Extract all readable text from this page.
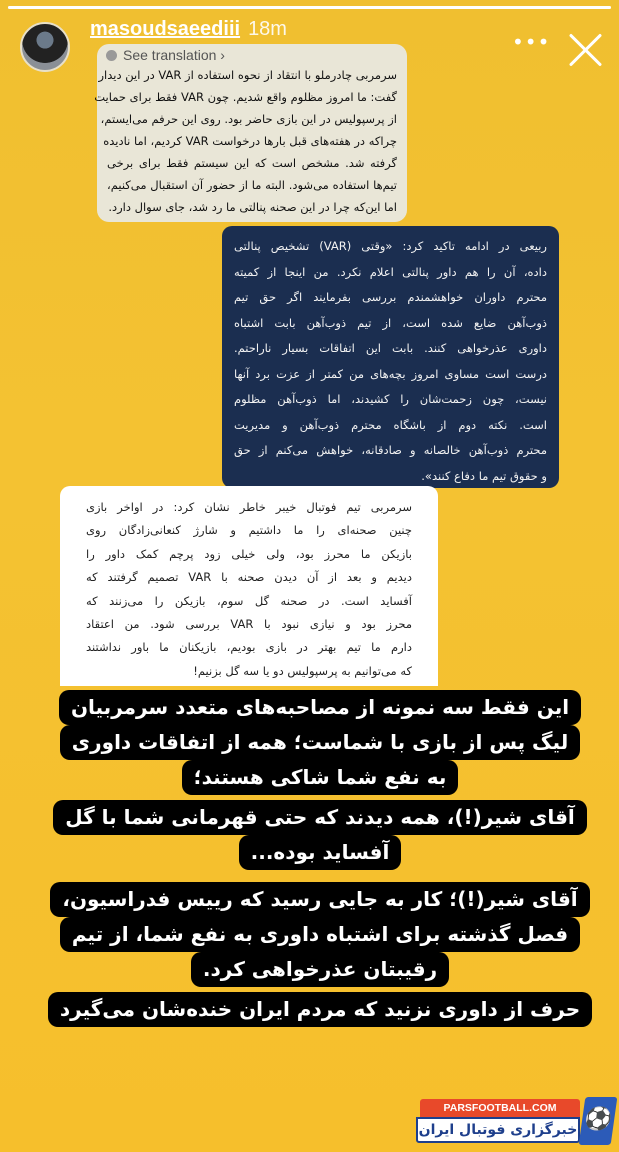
masoudsaeediii 18m
•••
سرمربی چادرملو با انتقاد از نحوه استفاده از VAR در این دیدار
گفت: ما امروز مظلوم واقع شدیم. چون VAR فقط برای حمایت
از پرسپولیس در این بازی حاضر بود. روی این حرفم می‌ایستم،
چراکه در هفته‌های قبل بارها درخواست VAR کردیم، اما نادیده
گرفته شد. مشخص است که این سیستم فقط برای برخی
تیم‌ها استفاده می‌شود. البته ما از حضور آن استقبال می‌کنیم،
اما این‌که چرا در این صحنه پنالتی ما رد شد، جای سوال دارد.
See translation ›
ربیعی در ادامه تاکید کرد: «وقتی (VAR) تشخیص پنالتی
داده، آن را هم داور پنالتی اعلام نکرد. من اینجا از کمیته
محترم داوران خواهشمندم بررسی بفرمایند اگر حق تیم
ذوب‌آهن ضایع شده است، از تیم ذوب‌آهن بابت اشتباه
داوری عذرخواهی کنند. بابت این اتفاقات بسیار ناراحتم.
درست است مساوی امروز بچه‌های من کمتر از عزت برد آنها
نیست، چون زحمت‌شان را کشیدند، اما ذوب‌آهن مظلوم
است. نکته دوم از باشگاه محترم ذوب‌آهن و مدیریت
محترم ذوب‌آهن خالصانه و صادقانه، خواهش می‌کنم از حق
و حقوق تیم ما دفاع کنند».
سرمربی تیم فوتبال خیبر خاطر نشان کرد: در اواخر بازی
چنین صحنه‌ای را ما داشتیم و شارژ کنعانی‌زادگان روی
بازیکن ما محرز بود، ولی خیلی زود پرچم کمک داور را
دیدیم و بعد از آن دیدن صحنه با VAR تصمیم گرفتند که
آفساید است. در صحنه گل سوم، بازیکن را می‌زنند که
محرز بود و نیازی نبود با VAR بررسی شود. من اعتقاد
دارم ما تیم بهتر در بازی بودیم، بازیکنان ما باور نداشتند
که می‌توانیم به پرسپولیس دو یا سه گل بزنیم!
این فقط سه نمونه از مصاحبه‌های متعدد سرمربیان
لیگ پس از بازی با شماست؛ همه از اتفاقات داوری
به نفع شما شاکی هستند؛
آقای شیر(!)، همه دیدند که حتی قهرمانی شما با گل
آفساید بوده...
آقای شیر(!)؛ کار به جایی رسید که رییس فدراسیون،
فصل گذشته برای اشتباه داوری به نفع شما، از تیم
رقیبتان عذرخواهی کرد.
حرف از داوری نزنید که مردم ایران خنده‌شان می‌گیرد
PARSFOOTBALL.COM
خبرگزاری فوتبال ایران ⚽
